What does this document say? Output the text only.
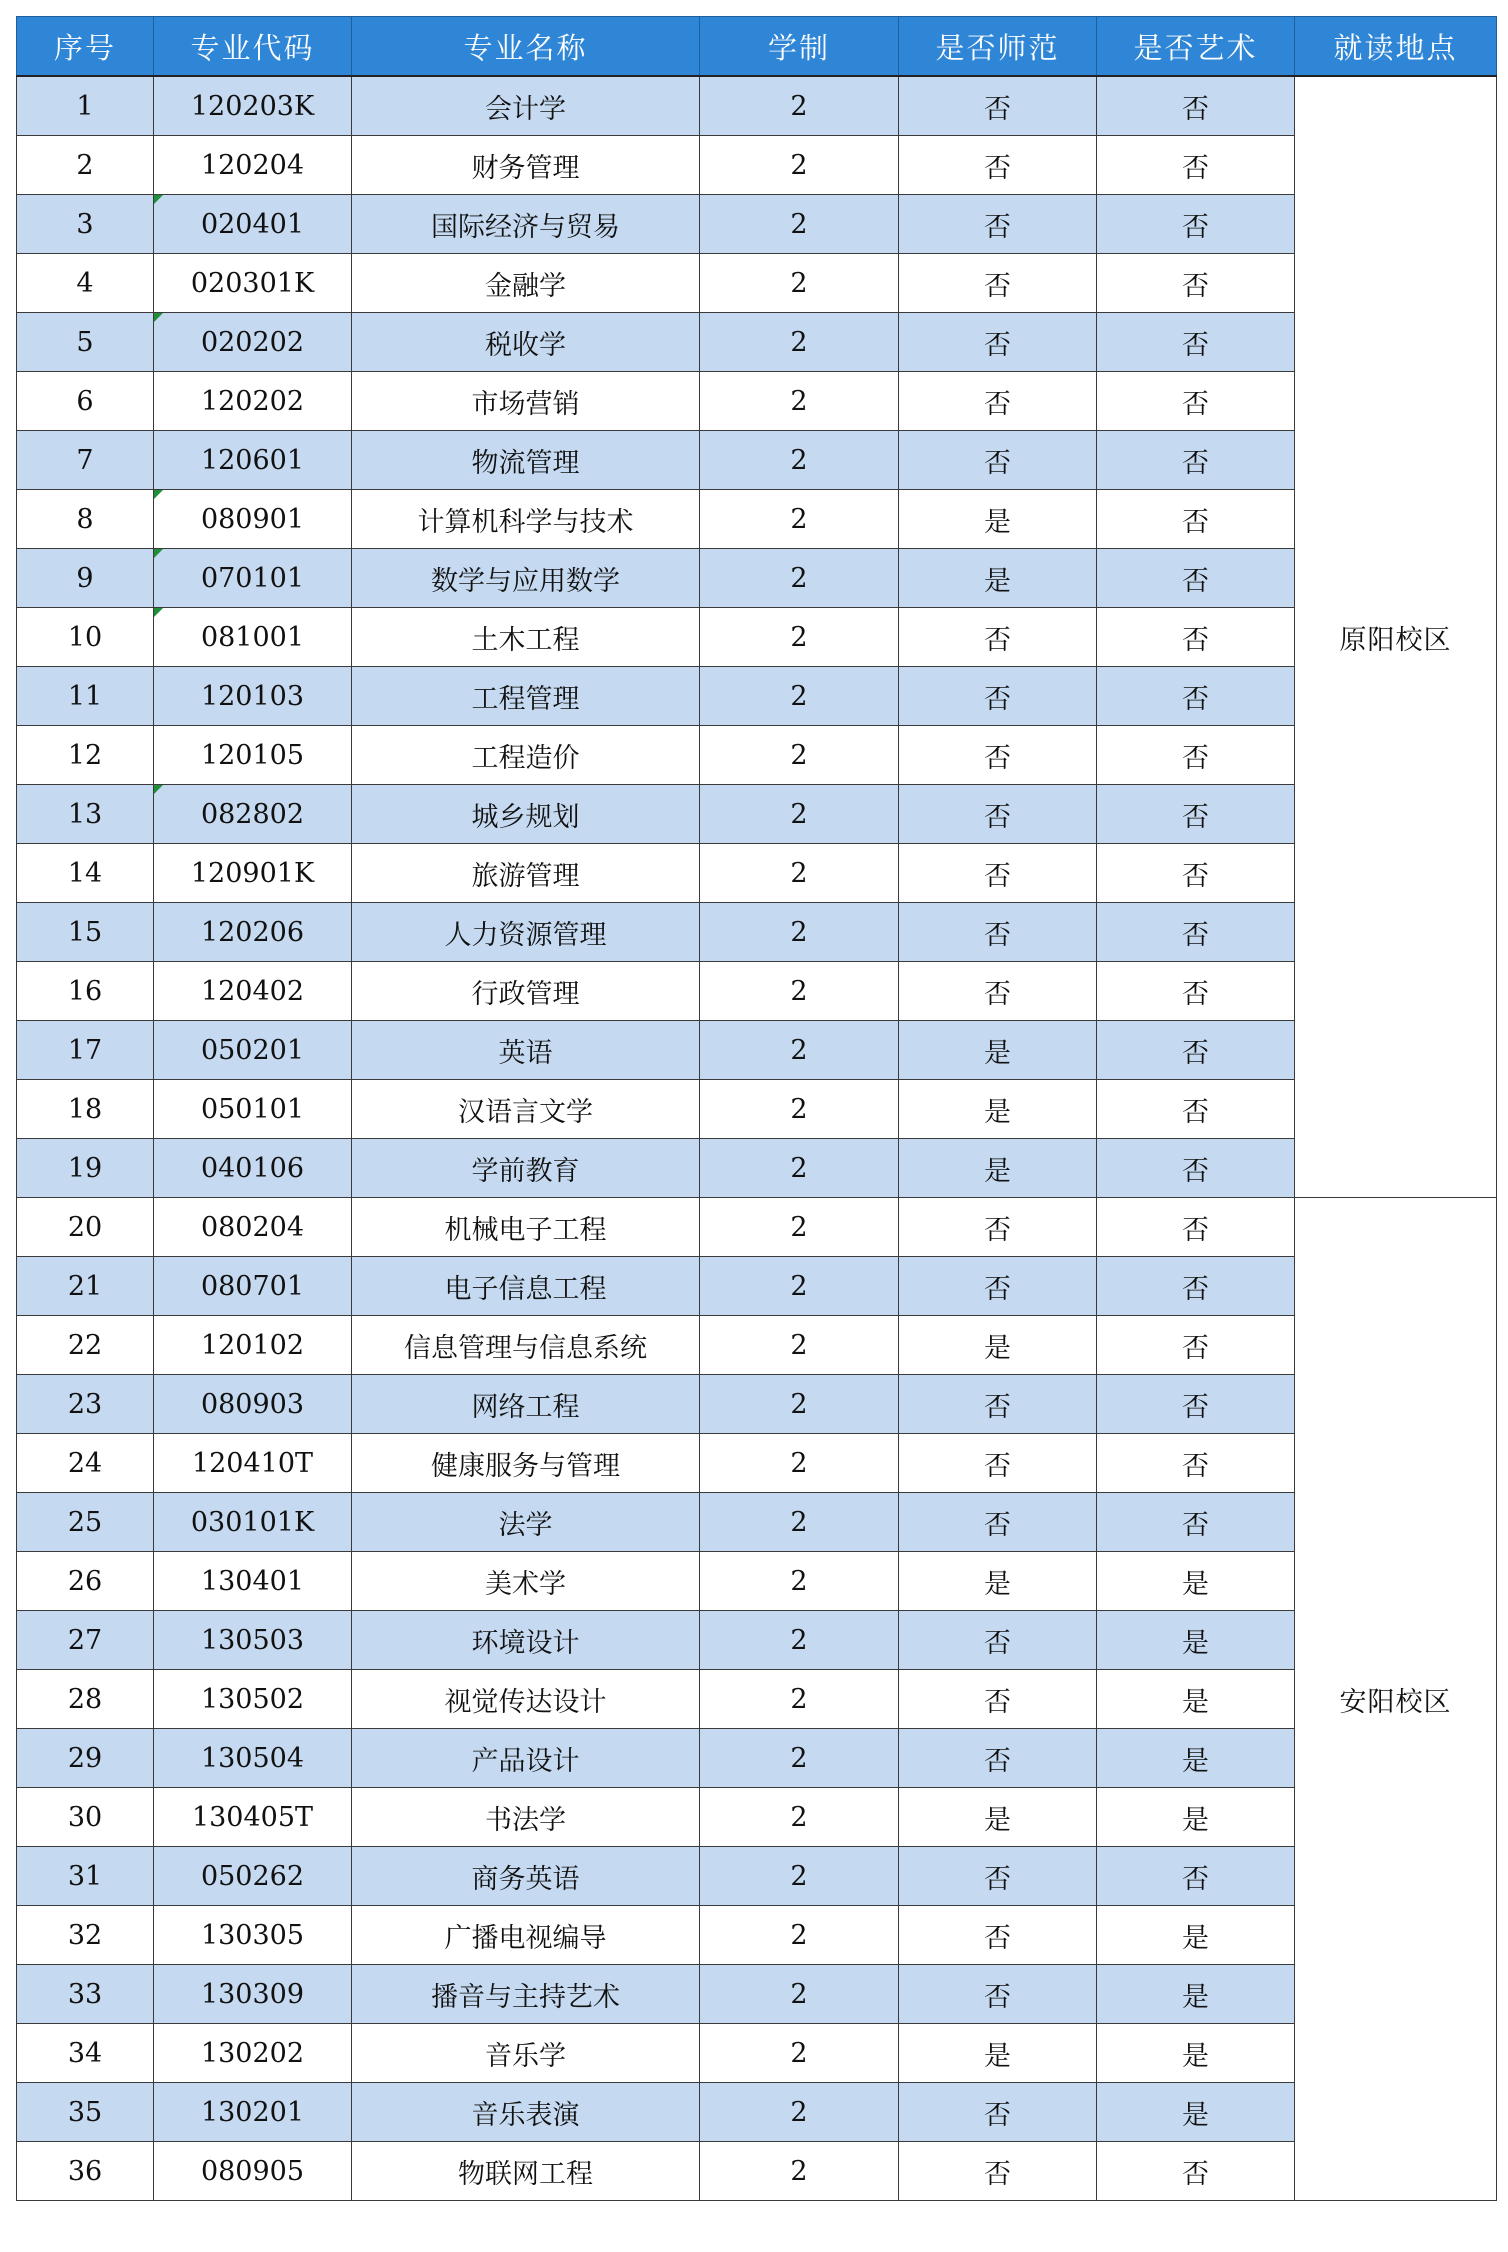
序号	专业代码	专业名称	学制	是否师范	是否艺术	就读地点
1	120203K	会计学	2	否	否	原阳校区
2	120204	财务管理	2	否	否	
3	020401	国际经济与贸易	2	否	否	
4	020301K	金融学	2	否	否	
5	020202	税收学	2	否	否	
6	120202	市场营销	2	否	否	
7	120601	物流管理	2	否	否	
8	080901	计算机科学与技术	2	是	否	
9	070101	数学与应用数学	2	是	否	
10	081001	土木工程	2	否	否	
11	120103	工程管理	2	否	否	
12	120105	工程造价	2	否	否	
13	082802	城乡规划	2	否	否	
14	120901K	旅游管理	2	否	否	
15	120206	人力资源管理	2	否	否	
16	120402	行政管理	2	否	否	
17	050201	英语	2	是	否	
18	050101	汉语言文学	2	是	否	
19	040106	学前教育	2	是	否	
20	080204	机械电子工程	2	否	否	安阳校区
21	080701	电子信息工程	2	否	否	
22	120102	信息管理与信息系统	2	是	否	
23	080903	网络工程	2	否	否	
24	120410T	健康服务与管理	2	否	否	
25	030101K	法学	2	否	否	
26	130401	美术学	2	是	是	
27	130503	环境设计	2	否	是	
28	130502	视觉传达设计	2	否	是	
29	130504	产品设计	2	否	是	
30	130405T	书法学	2	是	是	
31	050262	商务英语	2	否	否	
32	130305	广播电视编导	2	否	是	
33	130309	播音与主持艺术	2	否	是	
34	130202	音乐学	2	是	是	
35	130201	音乐表演	2	否	是	
36	080905	物联网工程	2	否	否	
